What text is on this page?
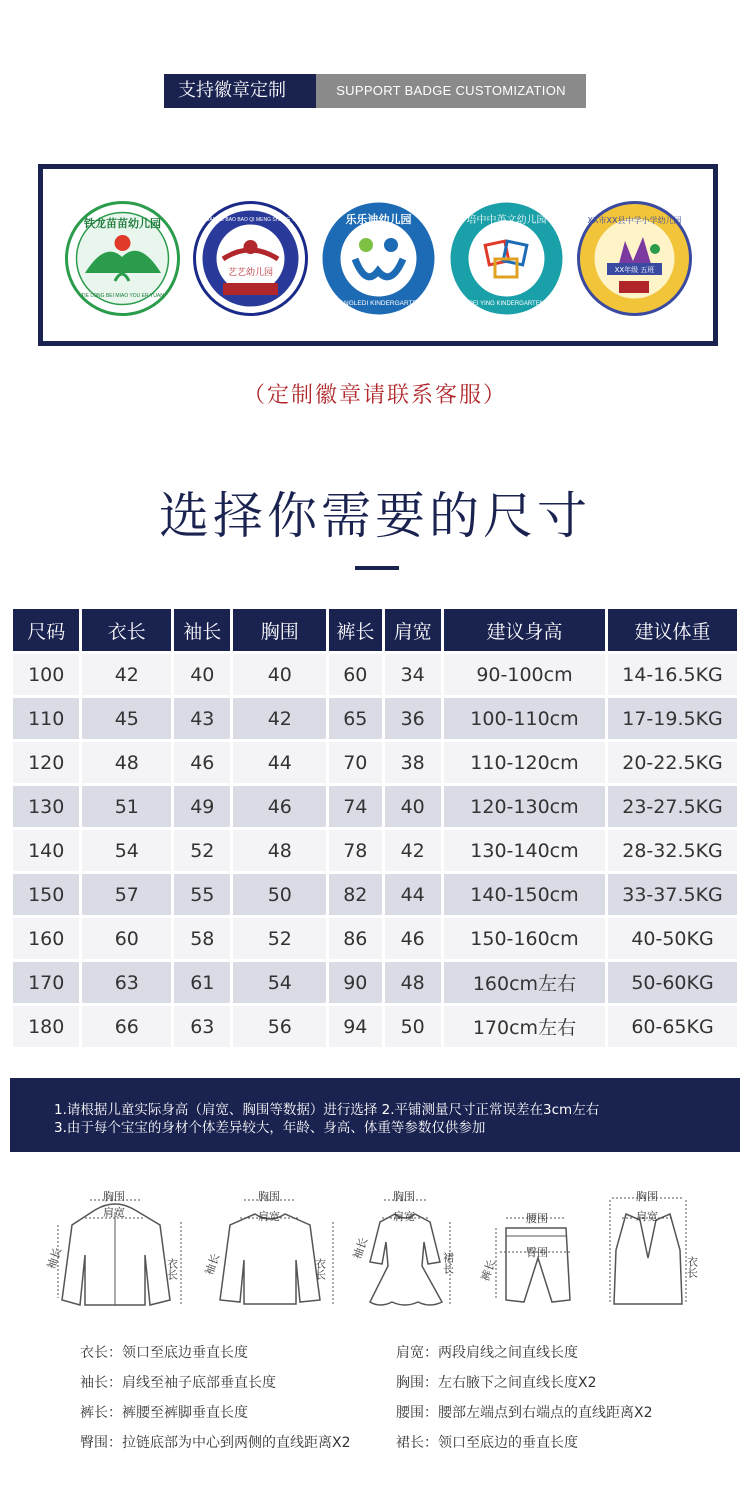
支持徽章定制	SUPPORT BADGE CUSTOMIZATION
铁龙苗苗幼儿园
TIE LONG BEI MIAO YOU ER YUAN
艺艺幼儿园
XIAN LE BAO BAO QI MENG SHANG YI	乐乐迪幼儿园
KANGLEDI KINDERGARTEN
培中中英文幼儿园
PEI YING KINDERGARTEN
XX市XX县中学小学幼儿园
XX年级 五班
（定制徽章请联系客服）
选择你需要的尺寸
尺码	衣长	袖长	胸围	裤长	肩宽	建议身高	建议体重
100	42	40	40	60	34	90-100cm	14-16.5KG
110	45	43	42	65	36	100-110cm	17-19.5KG
120	48	46	44	70	38	110-120cm	20-22.5KG
130	51	49	46	74	40	120-130cm	23-27.5KG
140	54	52	48	78	42	130-140cm	28-32.5KG
150	57	55	50	82	44	140-150cm	33-37.5KG
160	60	58	52	86	46	150-160cm	40-50KG
170	63	61	54	90	48	160cm左右	50-60KG
180	66	63	56	94	50	170cm左右	60-65KG
1.请根据儿童实际身高（肩宽、胸围等数据）进行选择 2.平铺测量尺寸正常误差在3cm左右
3.由于每个宝宝的身材个体差异较大，年龄、身高、体重等参数仅供参加
胸围
肩宽
袖长	衣长
胸围
肩宽
袖长	衣长
胸围
肩宽
袖长
裙长
腰围
臀围
裤长
胸围
肩宽
衣长
衣长：领口至底边垂直长度	肩宽：两段肩线之间直线长度
袖长：肩线至袖子底部垂直长度	胸围：左右腋下之间直线长度X2
裤长：裤腰至裤脚垂直长度	腰围：腰部左端点到右端点的直线距离X2
臀围：拉链底部为中心到两侧的直线距离X2	裙长：领口至底边的垂直长度
